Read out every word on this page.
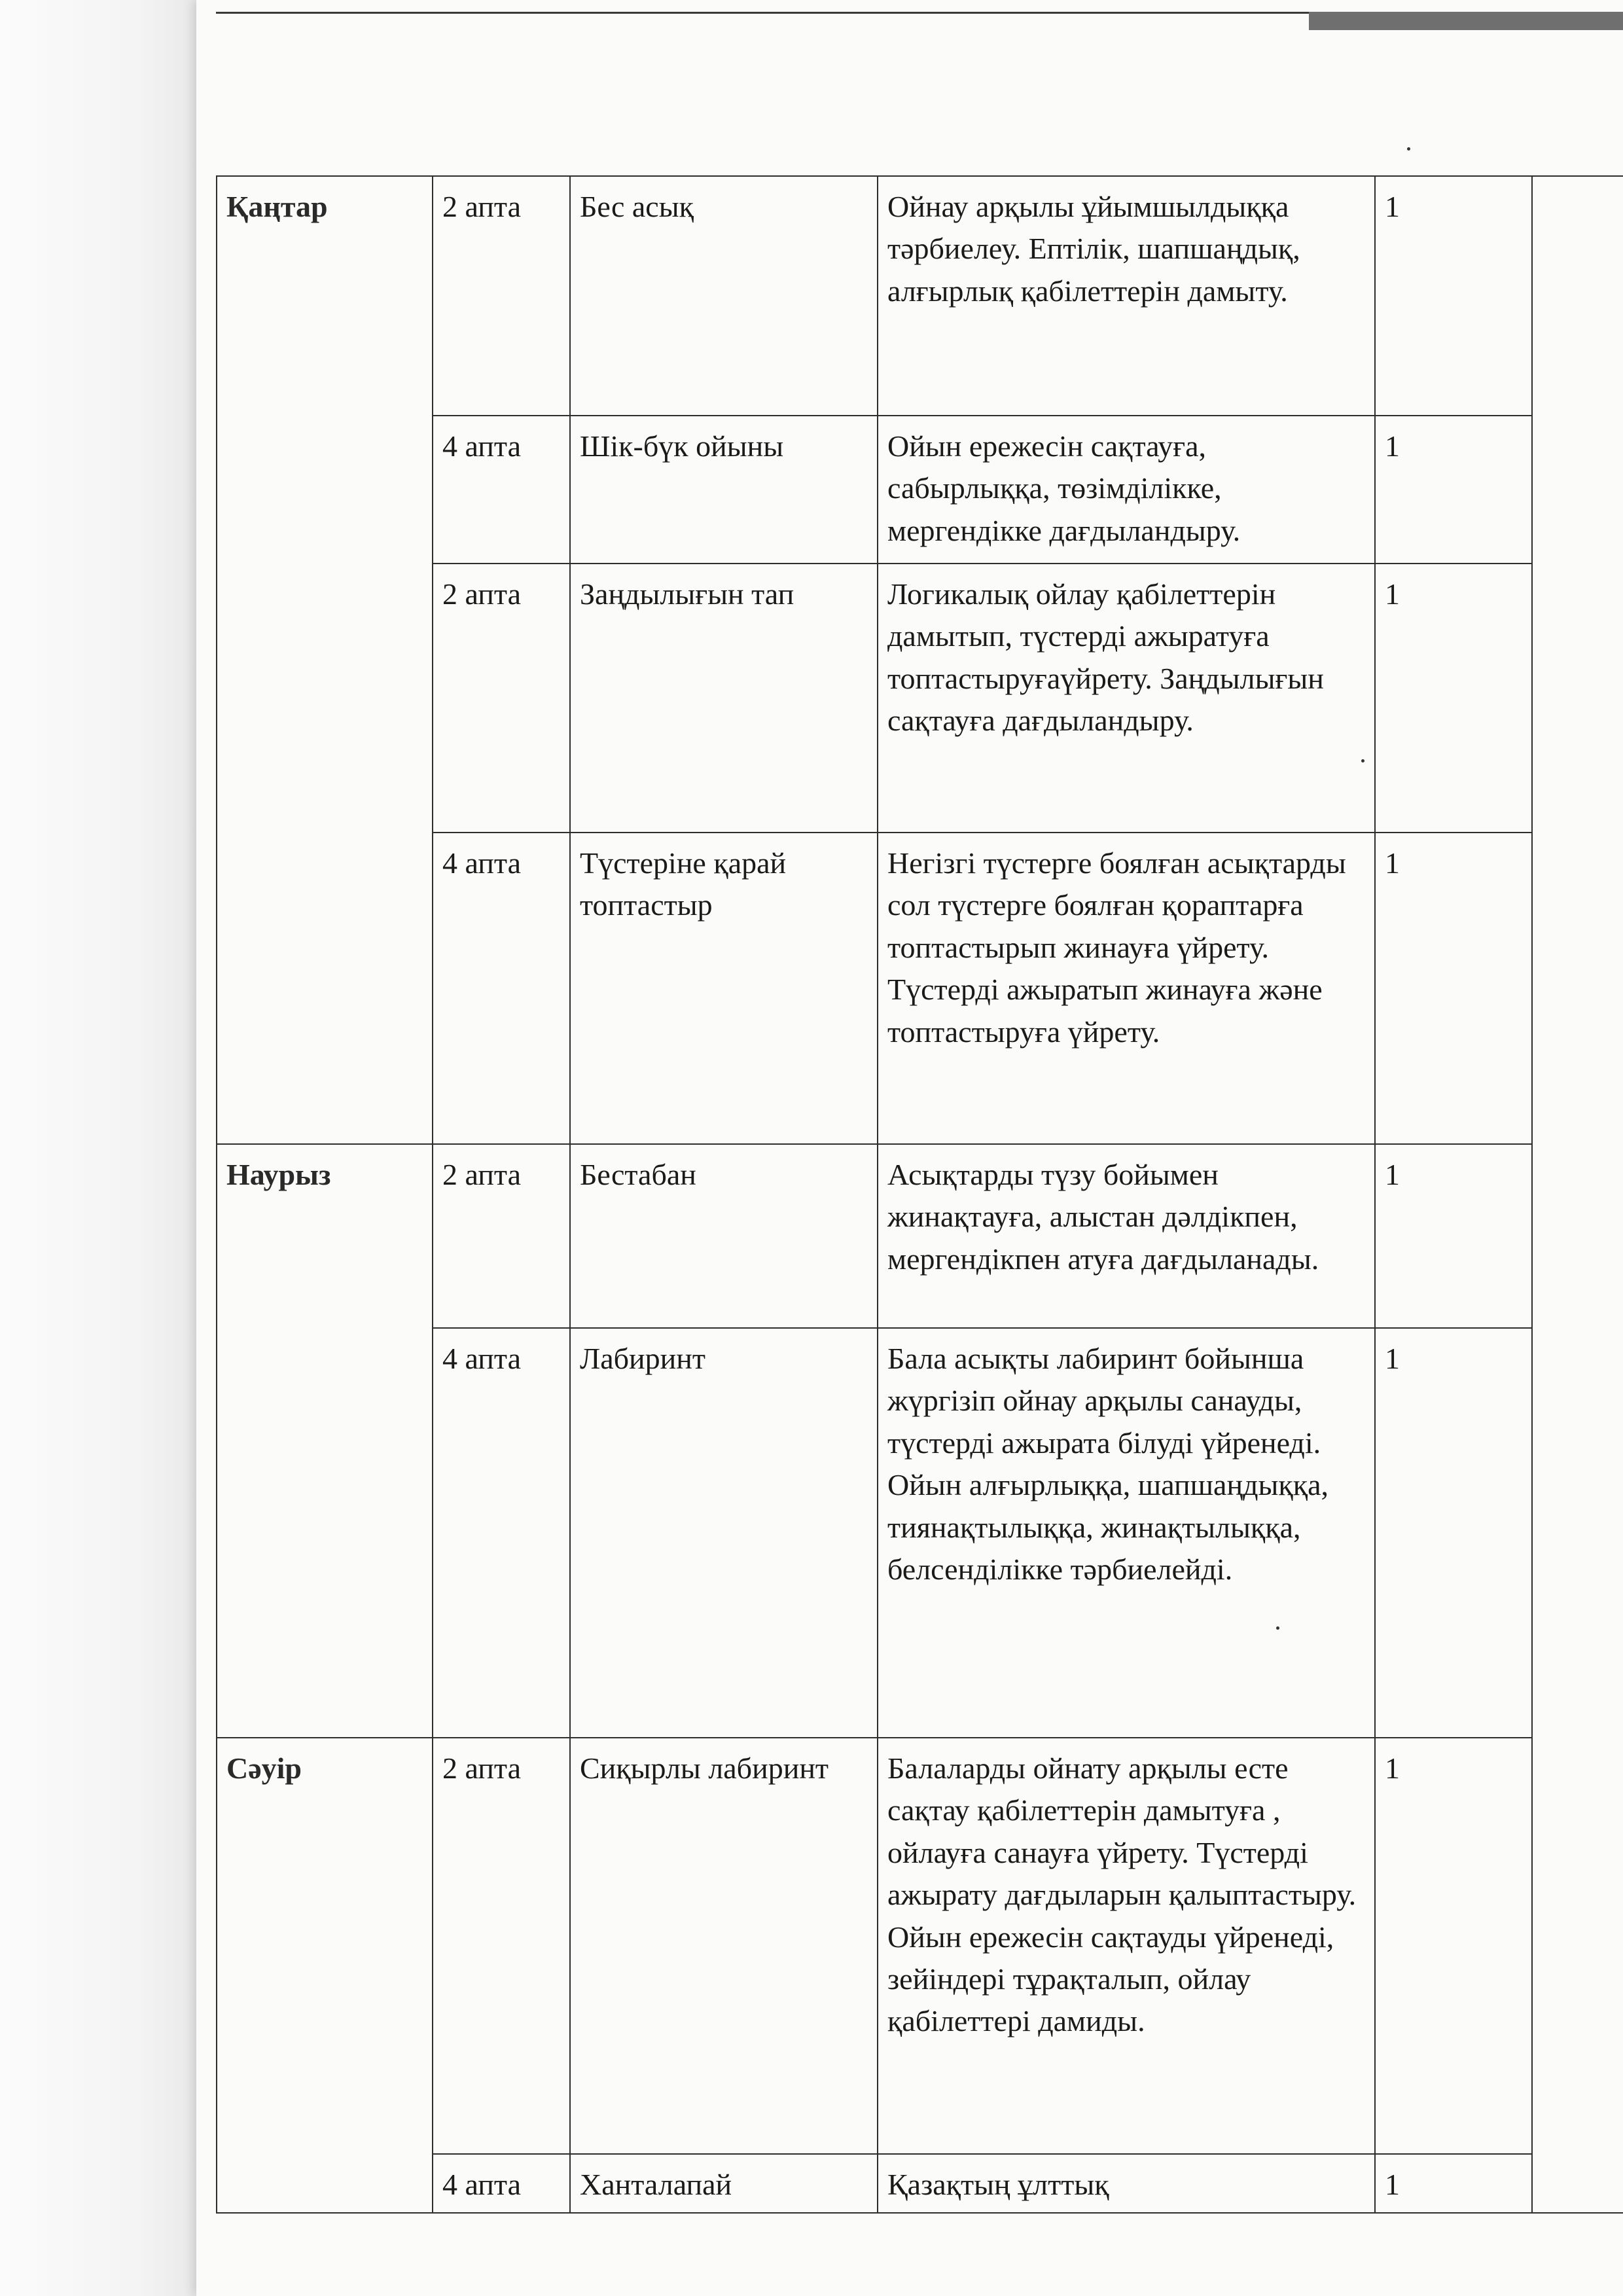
Қаңтар	2 апта	Бес асық	Ойнау арқылы ұйымшылдыққа тәрбиелеу. Ептілік, шапшаңдық, алғырлық қабілеттерін дамыту.	1	
	4 апта	Шік-бүк ойыны	Ойын ережесін сақтауға, сабырлыққа, төзімділікке, мергендікке дағдыландыру.	1	
	2 апта	Заңдылығын тап	Логикалық ойлау қабілеттерін дамытып, түстерді ажыратуға топтастыруғаүйрету. Заңдылығын сақтауға дағдыландыру.	1	
	4 апта	Түстеріне қарай топтастыр	Негізгі түстерге боялған асықтарды сол түстерге боялған қораптарға топтастырып жинауға үйрету. Түстерді ажыратып жинауға және топтастыруға үйрету.	1	
Наурыз	2 апта	Бестабан	Асықтарды түзу бойымен жинақтауға, алыстан дәлдікпен, мергендікпен атуға дағдыланады.	1	
	4 апта	Лабиринт	Бала асықты лабиринт бойынша жүргізіп ойнау арқылы санауды, түстерді ажырата білуді үйренеді. Ойын алғырлыққа, шапшаңдыққа, тиянақтылыққа, жинақтылыққа, белсенділікке тәрбиелейді.	1	
Сәуір	2 апта	Сиқырлы лабиринт	Балаларды ойнату арқылы есте сақтау қабілеттерін дамытуға , ойлауға санауға үйрету. Түстерді ажырату дағдыларын қалыптастыру. Ойын ережесін сақтауды үйренеді, зейіндері тұрақталып, ойлау қабілеттері дамиды.	1	
	4 апта	Ханталапай	Қазақтың ұлттық	1	
